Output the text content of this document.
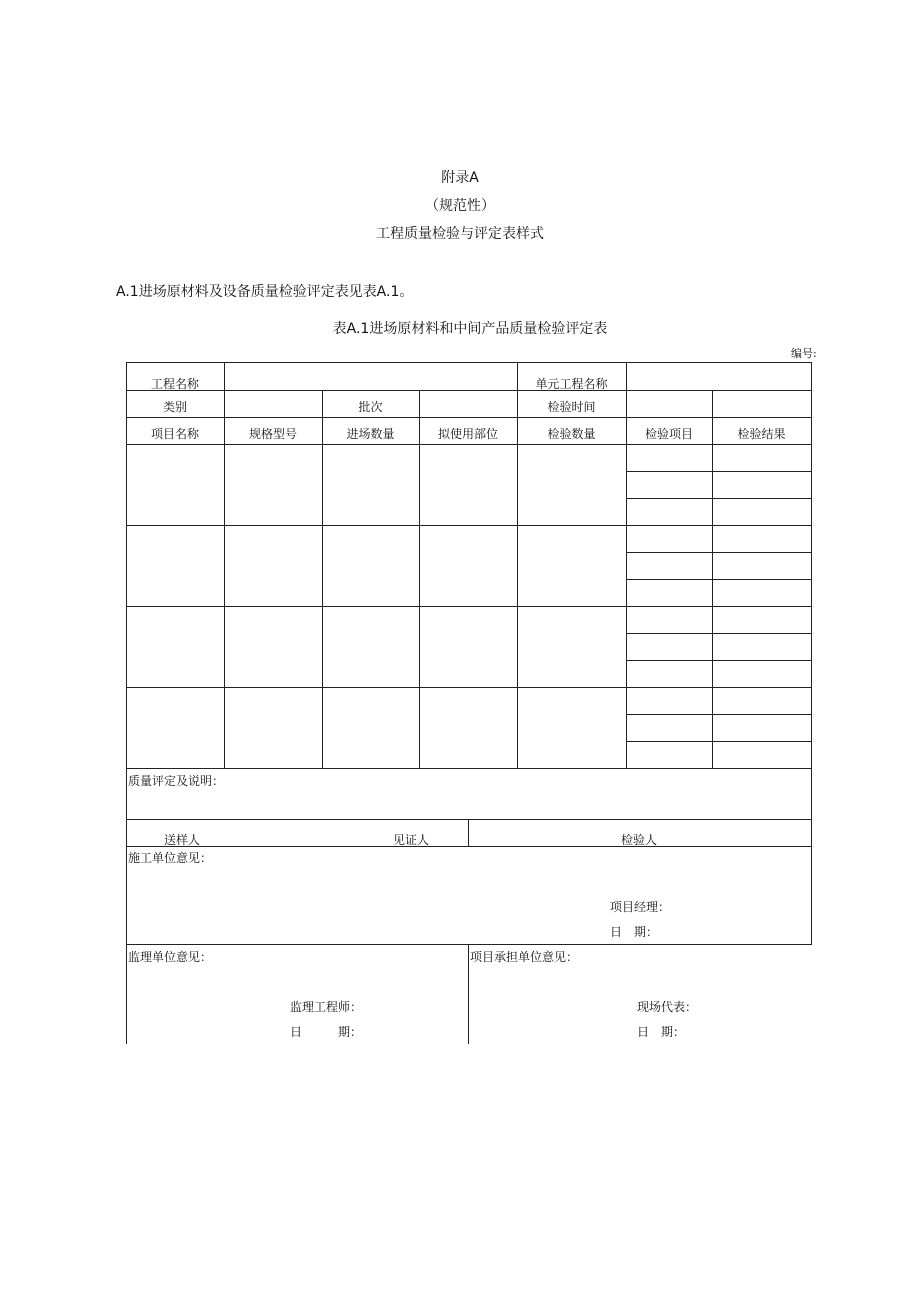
附录A
（规范性）
工程质量检验与评定表样式
A.1进场原材料及设备质量检验评定表见表A.1。
表A.1进场原材料和中间产品质量检验评定表
编号:
工程名称	单元工程名称
类别	批次	检验时间
项目名称	规格型号	进场数量	拟使用部位	检验数量	检验项目	检验结果
质量评定及说明：
送样人	见证人	检验人
施工单位意见：
项目经理：
日　期：
监理单位意见：
监理工程师：
日　　　期：
项目承担单位意见：
现场代表：
日　期：
